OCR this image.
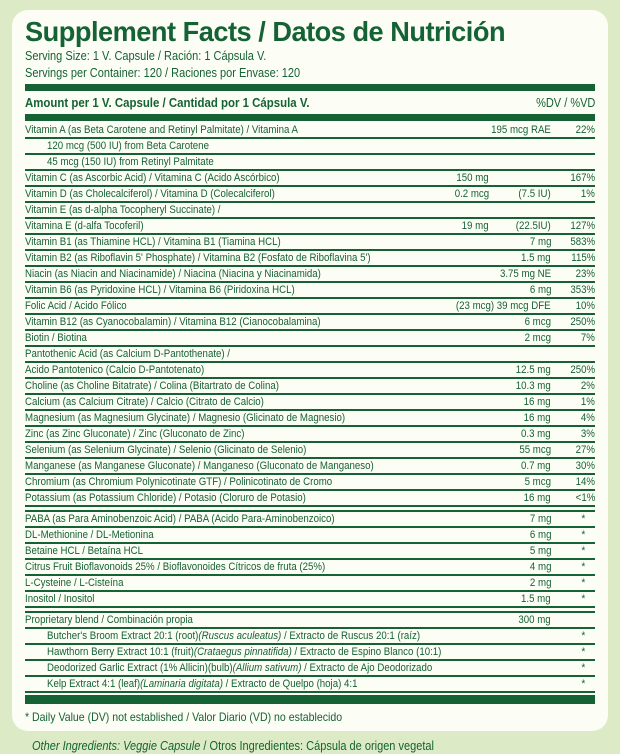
Supplement Facts / Datos de Nutrición
Serving Size: 1 V. Capsule / Ración: 1 Cápsula V.
Servings per Container: 120 / Raciones por Envase: 120
Amount per 1 V. Capsule / Cantidad por 1 Cápsula V.	%DV / %VD
Vitamin A (as Beta Carotene and Retinyl Palmitate) / Vitamina A	195 mcg RAE	22%
120 mcg (500 IU) from Beta Carotene
45 mcg (150 IU) from Retinyl Palmitate
Vitamin C (as Ascorbic Acid) / Vitamina C (Acido Ascórbico)	150 mg	167%
Vitamin D (as Cholecalciferol) / Vitamina D (Colecalciferol)	0.2 mcg	(7.5 IU)	1%
Vitamin E (as d-alpha Tocopheryl Succinate) /
Vitamina E (d-alfa Tocoferil)	19 mg	(22.5IU)	127%
Vitamin B1 (as Thiamine HCL) / Vitamina B1 (Tiamina HCL)	7 mg	583%
Vitamin B2 (as Riboflavin 5' Phosphate) / Vitamina B2 (Fosfato de Riboflavina 5')	1.5 mg	115%
Niacin (as Niacin and Niacinamide) / Niacina (Niacina y Niacinamida)	3.75 mg NE	23%
Vitamin B6 (as Pyridoxine HCL) / Vitamina B6 (Piridoxina HCL)	6 mg	353%
Folic Acid / Acido Fólico	(23 mcg) 39 mcg DFE	10%
Vitamin B12 (as Cyanocobalamin) / Vitamina B12 (Cianocobalamina)	6 mcg	250%
Biotin / Biotina	2 mcg	7%
Pantothenic Acid (as Calcium D-Pantothenate) /
Acido Pantotenico (Calcio D-Pantotenato)	12.5 mg	250%
Choline (as Choline Bitatrate) / Colina (Bitartrato de Colina)	10.3 mg	2%
Calcium (as Calcium Citrate) / Calcio (Citrato de Calcio)	16 mg	1%
Magnesium (as Magnesium Glycinate) / Magnesio (Glicinato de Magnesio)	16 mg	4%
Zinc (as Zinc Gluconate) / Zinc (Gluconato de Zinc)	0.3 mg	3%
Selenium (as Selenium Glycinate) / Selenio (Glicinato de Selenio)	55 mcg	27%
Manganese (as Manganese Gluconate) / Manganeso (Gluconato de Manganeso)	0.7 mg	30%
Chromium (as Chromium Polynicotinate GTF) / Polinicotinato de Cromo	5 mcg	14%
Potassium (as Potassium Chloride) / Potasio (Cloruro de Potasio)	16 mg	<1%
PABA (as Para Aminobenzoic Acid) / PABA (Acido Para-Aminobenzoico)	7 mg	*
DL-Methionine / DL-Metionina	6 mg	*
Betaine HCL / Betaína HCL	5 mg	*
Citrus Fruit Bioflavonoids 25% / Bioflavonoides Cítricos de fruta (25%)	4 mg	*
L-Cysteine / L-Cisteína	2 mg	*
Inositol / Inositol	1.5 mg	*
Proprietary blend / Combinación propia	300 mg
Butcher's Broom Extract 20:1 (root)(Ruscus aculeatus) / Extracto de Ruscus 20:1 (raíz)	*
Hawthorn Berry Extract 10:1 (fruit)(Crataegus pinnatifida) / Extracto de Espino Blanco (10:1)	*
Deodorized Garlic Extract (1% Allicin)(bulb)(Allium sativum) / Extracto de Ajo Deodorizado	*
Kelp Extract 4:1 (leaf)(Laminaria digitata) / Extracto de Quelpo (hoja) 4:1	*
* Daily Value (DV) not established / Valor Diario (VD) no establecido
Other Ingredients: Veggie Capsule / Otros Ingredientes: Cápsula de origen vegetal
